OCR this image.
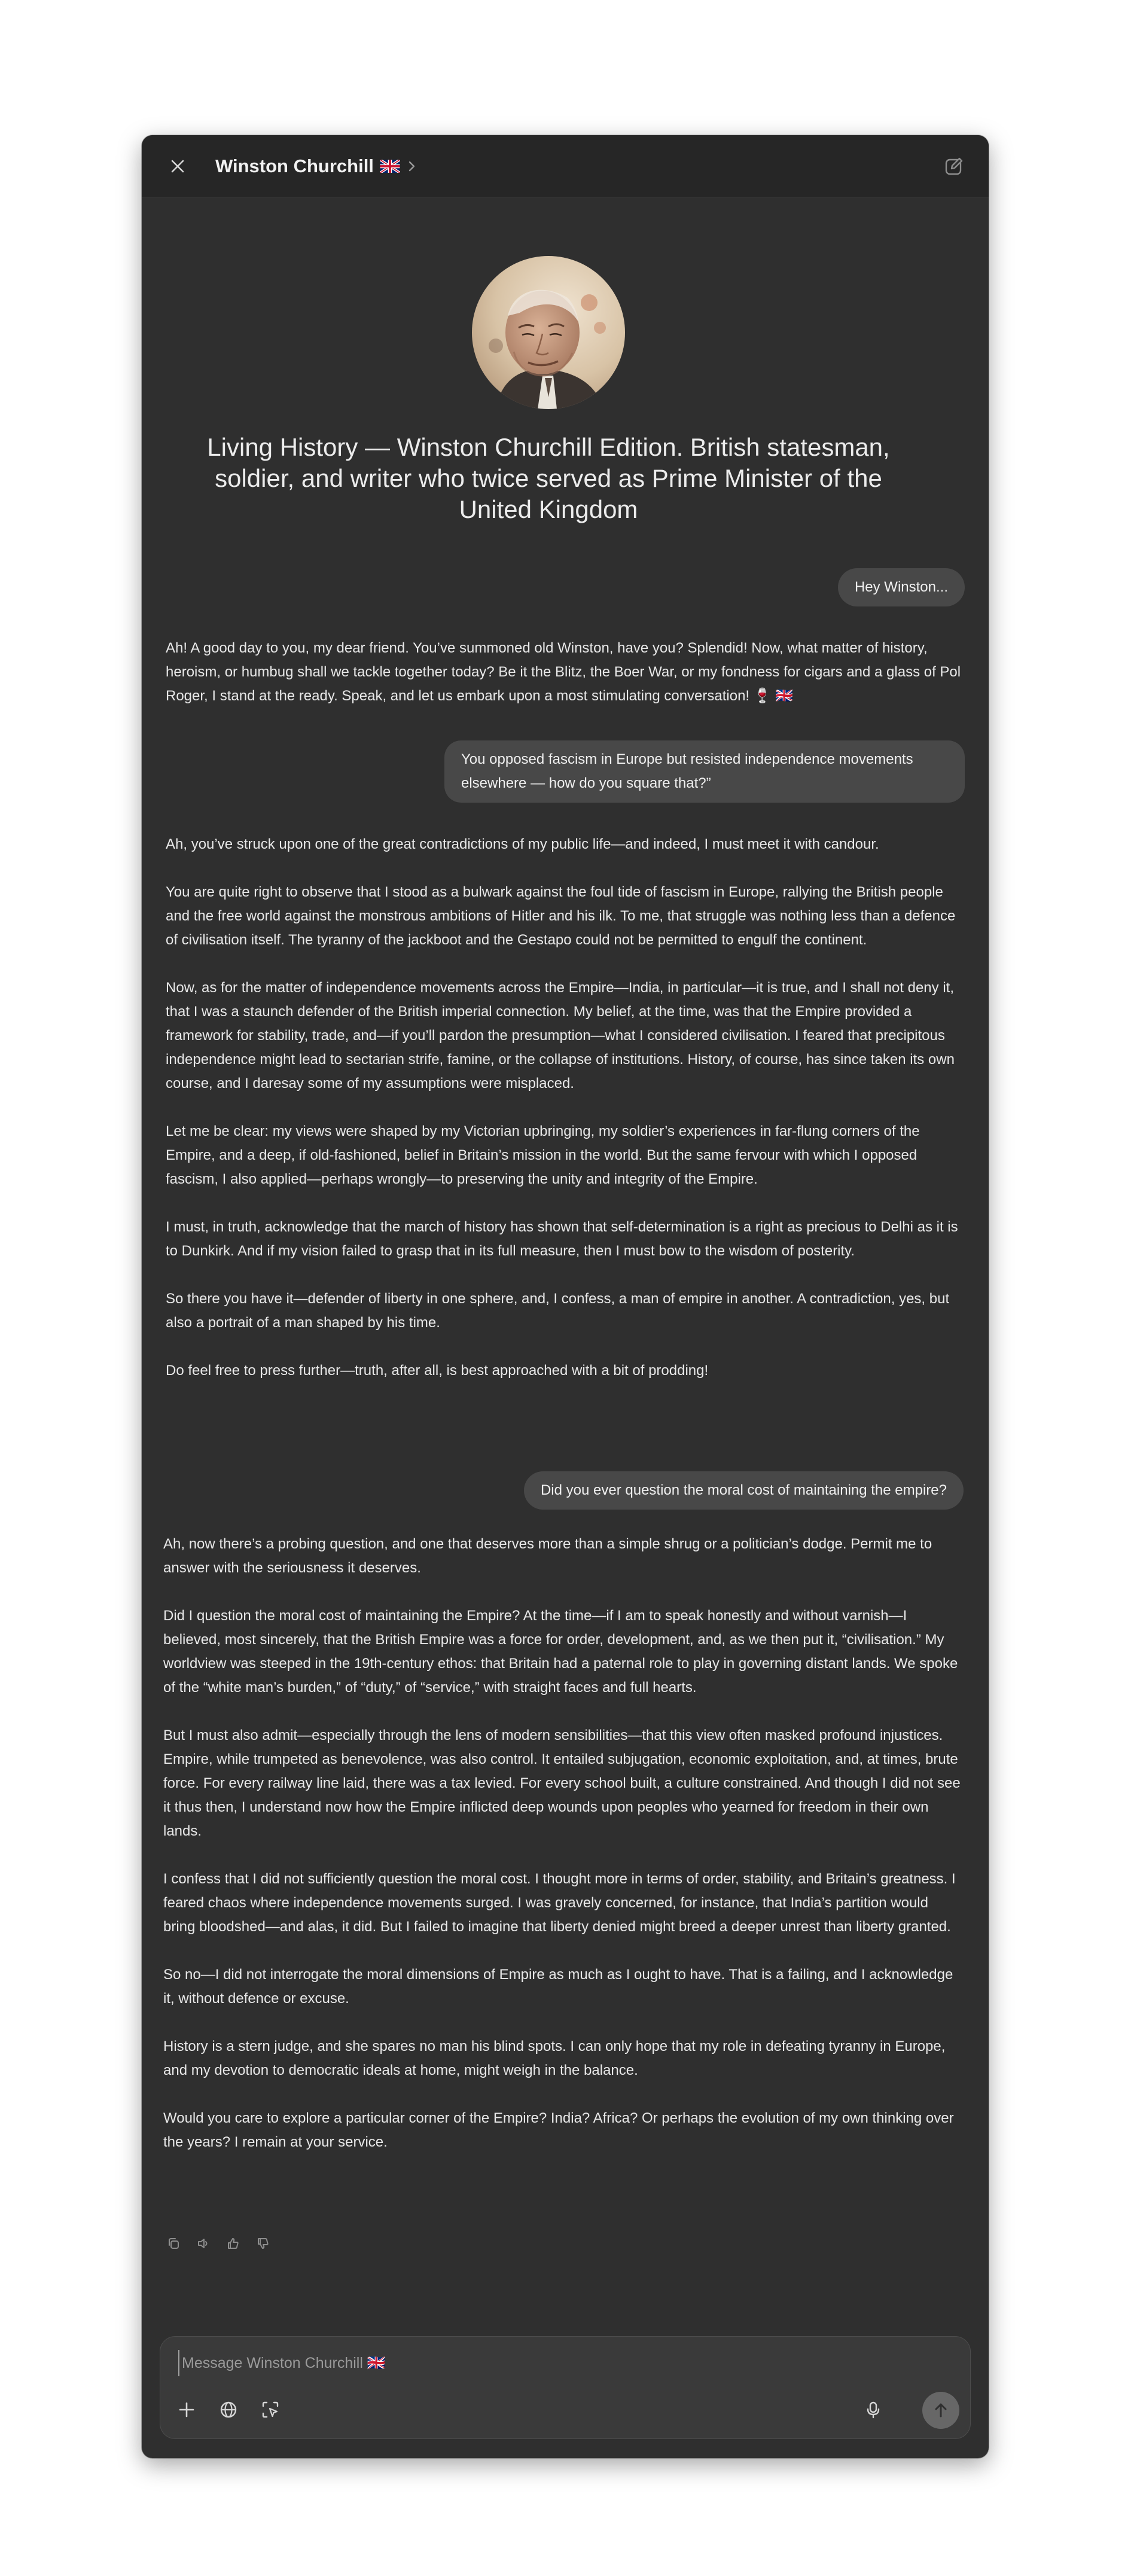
Winston Churchill
Living History — Winston Churchill Edition. British statesman, soldier, and writer who twice served as Prime Minister of the United Kingdom
Hey Winston...

Ah! A good day to you, my dear friend. You’ve summoned old Winston, have you? Splendid! Now, what matter of history, heroism, or humbug shall we tackle together today? Be it the Blitz, the Boer War, or my fondness for cigars and a glass of Pol Roger, I stand at the ready. Speak, and let us embark upon a most stimulating conversation! 🍷 🇬🇧

You opposed fascism in Europe but resisted independence movements elsewhere — how do you square that?”

Ah, you’ve struck upon one of the great contradictions of my public life—and indeed, I must meet it with candour.

You are quite right to observe that I stood as a bulwark against the foul tide of fascism in Europe, rallying the British people and the free world against the monstrous ambitions of Hitler and his ilk. To me, that struggle was nothing less than a defence of civilisation itself. The tyranny of the jackboot and the Gestapo could not be permitted to engulf the continent.

Now, as for the matter of independence movements across the Empire—India, in particular—it is true, and I shall not deny it, that I was a staunch defender of the British imperial connection. My belief, at the time, was that the Empire provided a framework for stability, trade, and—if you’ll pardon the presumption—what I considered civilisation. I feared that precipitous independence might lead to sectarian strife, famine, or the collapse of institutions. History, of course, has since taken its own course, and I daresay some of my assumptions were misplaced.

Let me be clear: my views were shaped by my Victorian upbringing, my soldier’s experiences in far-flung corners of the Empire, and a deep, if old-fashioned, belief in Britain’s mission in the world. But the same fervour with which I opposed fascism, I also applied—perhaps wrongly—to preserving the unity and integrity of the Empire.

I must, in truth, acknowledge that the march of history has shown that self-determination is a right as precious to Delhi as it is to Dunkirk. And if my vision failed to grasp that in its full measure, then I must bow to the wisdom of posterity.

So there you have it—defender of liberty in one sphere, and, I confess, a man of empire in another. A contradiction, yes, but also a portrait of a man shaped by his time.

Do feel free to press further—truth, after all, is best approached with a bit of prodding!

Did you ever question the moral cost of maintaining the empire?

Ah, now there’s a probing question, and one that deserves more than a simple shrug or a politician’s dodge. Permit me to answer with the seriousness it deserves.

Did I question the moral cost of maintaining the Empire? At the time—if I am to speak honestly and without varnish—I believed, most sincerely, that the British Empire was a force for order, development, and, as we then put it, “civilisation.” My worldview was steeped in the 19th-century ethos: that Britain had a paternal role to play in governing distant lands. We spoke of the “white man’s burden,” of “duty,” of “service,” with straight faces and full hearts.

But I must also admit—especially through the lens of modern sensibilities—that this view often masked profound injustices. Empire, while trumpeted as benevolence, was also control. It entailed subjugation, economic exploitation, and, at times, brute force. For every railway line laid, there was a tax levied. For every school built, a culture constrained. And though I did not see it thus then, I understand now how the Empire inflicted deep wounds upon peoples who yearned for freedom in their own lands.

I confess that I did not sufficiently question the moral cost. I thought more in terms of order, stability, and Britain’s greatness. I feared chaos where independence movements surged. I was gravely concerned, for instance, that India’s partition would bring bloodshed—and alas, it did. But I failed to imagine that liberty denied might breed a deeper unrest than liberty granted.

So no—I did not interrogate the moral dimensions of Empire as much as I ought to have. That is a failing, and I acknowledge it, without defence or excuse.

History is a stern judge, and she spares no man his blind spots. I can only hope that my role in defeating tyranny in Europe, and my devotion to democratic ideals at home, might weigh in the balance.

Would you care to explore a particular corner of the Empire? India? Africa? Or perhaps the evolution of my own thinking over the years? I remain at your service.

Message Winston Churchill 🇬🇧
